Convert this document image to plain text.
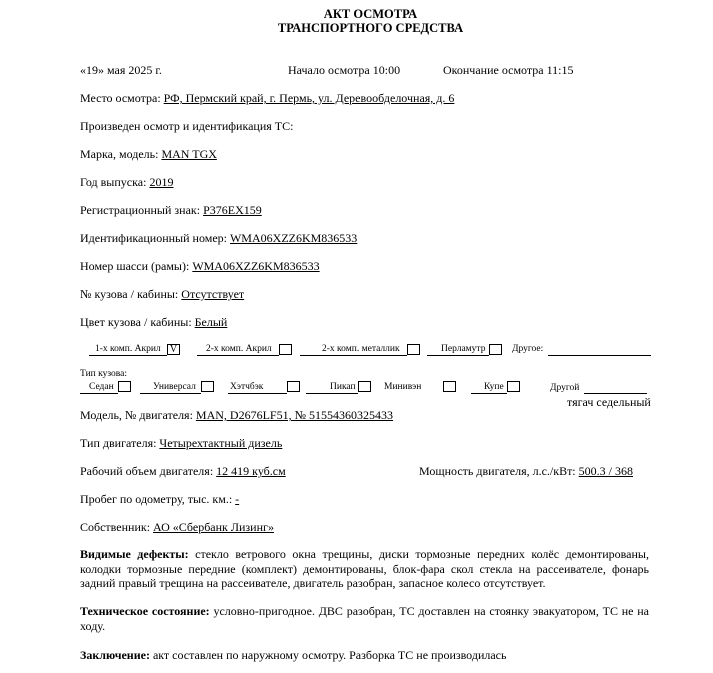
АКТ ОСМОТРА
ТРАНСПОРТНОГО СРЕДСТВА
«19» мая 2025 г.	Начало осмотра 10:00	Окончание осмотра 11:15
Место осмотра: РФ, Пермский край, г. Пермь, ул. Деревообделочная, д. 6
Произведен осмотр и идентификация ТС:
Марка, модель: MAN TGX
Год выпуска: 2019
Регистрационный знак: Р376ЕХ159
Идентификационный номер: WMA06XZZ6KM836533
Номер шасси (рамы): WMA06XZZ6KM836533
№ кузова / кабины: Отсутствует
Цвет кузова / кабины: Белый
1-х комп. Акрил V	2-х комп. Акрил	2-х комп. металлик	Перламутр	Другое:
Тип кузова:
Седан	Универсал	Хэтчбэк	Пикап	Минивэн	Купе	Другой
тягач седельный
Модель, № двигателя: MAN, D2676LF51, № 51554360325433
Тип двигателя: Четырехтактный дизель
Рабочий объем двигателя: 12 419 куб.см	Мощность двигателя, л.с./кВт: 500.3 / 368
Пробег по одометру, тыс. км.: -
Собственник: АО «Сбербанк Лизинг»
Видимые дефекты: стекло ветрового окна трещины, диски тормозные передних колёс демонтированы, колодки тормозные передние (комплект) демонтированы, блок-фара скол стекла на рассеивателе, фонарь задний правый трещина на рассеивателе, двигатель разобран, запасное колесо отсутствует.
Техническое состояние: условно-пригодное. ДВС разобран, ТС доставлен на стоянку эвакуатором, ТС не на ходу.
Заключение: акт составлен по наружному осмотру. Разборка ТС не производилась
